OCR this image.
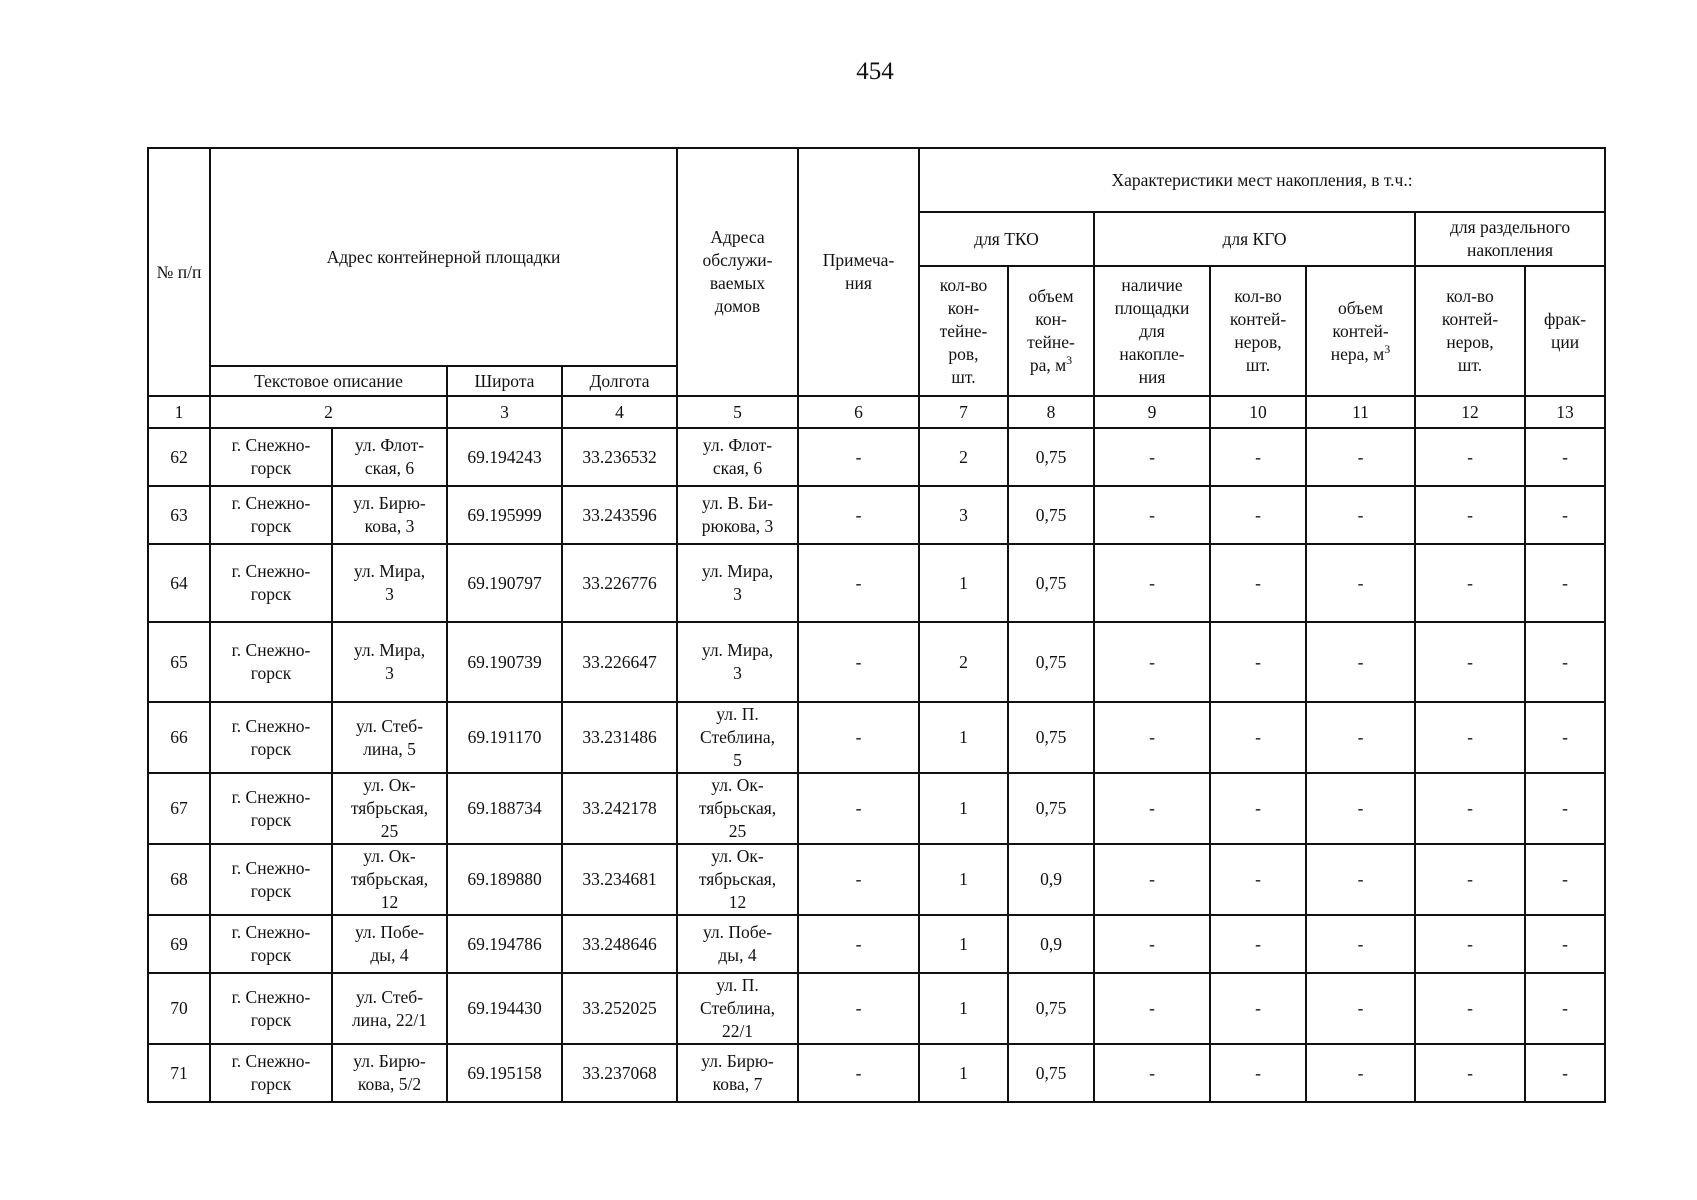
454
№ п/п	Адрес контейнерной площадки				Адреса
обслужи-
ваемых
домов	Примеча-
ния	Характеристики мест накопления, в т.ч.:						
							для ТКО		для КГО			для раздельного
накопления	

							кол-во
кон-
тейне-
ров,
шт.	объем
кон-
тейне-
ра, $м^3$	наличие
площадки
для
накопле-
ния	кол-во
контей-
неров,
шт.	объем
контей-
нера, $м^3$	кол-во
контей-
неров,
шт.	фрак-
ции

	Текстовое описание		Широта	Долгота									
1	2		3	4	5	6	7	8	9	10	11	12	13
62	г. Снежно-
горск	ул. Флот-
ская, 6	69.194243	33.236532	ул. Флот-
ская, 6	-	2	0,75	-	-	-	-	-
63	г. Снежно-
горск	ул. Бирю-
кова, 3	69.195999	33.243596	ул. В. Би-
рюкова, 3	-	3	0,75	-	-	-	-	-
64	г. Снежно-
горск	ул. Мира,
3	69.190797	33.226776	ул. Мира,
3	-	1	0,75	-	-	-	-	-
65	г. Снежно-
горск	ул. Мира,
3	69.190739	33.226647	ул. Мира,
3	-	2	0,75	-	-	-	-	-
66	г. Снежно-
горск	ул. Стеб-
лина, 5	69.191170	33.231486	ул. П.
Стеблина,
5	-	1	0,75	-	-	-	-	-
67	г. Снежно-
горск	ул. Ок-
тябрьская,
25	69.188734	33.242178	ул. Ок-
тябрьская,
25	-	1	0,75	-	-	-	-	-
68	г. Снежно-
горск	ул. Ок-
тябрьская,
12	69.189880	33.234681	ул. Ок-
тябрьская,
12	-	1	0,9	-	-	-	-	-
69	г. Снежно-
горск	ул. Побе-
ды, 4	69.194786	33.248646	ул. Побе-
ды, 4	-	1	0,9	-	-	-	-	-
70	г. Снежно-
горск	ул. Стеб-
лина, 22/1	69.194430	33.252025	ул. П.
Стеблина,
22/1	-	1	0,75	-	-	-	-	-
71	г. Снежно-
горск	ул. Бирю-
кова, 5/2	69.195158	33.237068	ул. Бирю-
кова, 7	-	1	0,75	-	-	-	-	-
